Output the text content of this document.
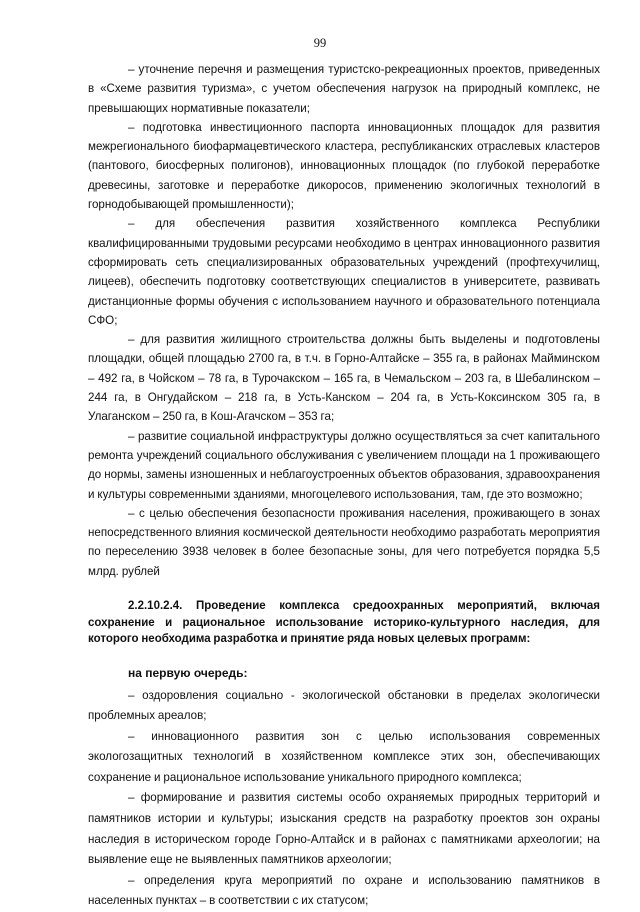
99

– уточнение перечня и размещения туристско-рекреационных проектов, приведенных в «Схеме развития туризма», с учетом обеспечения нагрузок на природный комплекс, не превышающих нормативные показатели;

– подготовка инвестиционного паспорта инновационных площадок для развития межрегионального биофармацевтического кластера, республиканских отраслевых кластеров (пантового, биосферных полигонов), инновационных площадок (по глубокой переработке древесины, заготовке и переработке дикоросов, применению экологичных технологий в горнодобывающей промышленности);

– для обеспечения развития хозяйственного комплекса Республики квалифицированными трудовыми ресурсами необходимо в центрах инновационного развития сформировать сеть специализированных образовательных учреждений (профтехучилищ, лицеев), обеспечить подготовку соответствующих специалистов в университете, развивать дистанционные формы обучения с использованием научного и образовательного потенциала СФО;

– для развития жилищного строительства должны быть выделены и подготовлены площадки, общей площадью 2700 га, в т.ч. в Горно-Алтайске – 355 га, в районах Майминском – 492 га, в Чойском – 78 га, в Турочакском – 165 га, в Чемальском – 203 га, в Шебалинском – 244 га, в Онгудайском – 218 га, в Усть-Канском – 204 га, в Усть-Коксинском 305 га, в Улаганском – 250 га, в Кош-Агачском – 353 га;

– развитие социальной инфраструктуры должно осуществляться за счет капитального ремонта учреждений социального обслуживания с увеличением площади на 1 проживающего до нормы, замены изношенных и неблагоустроенных объектов образования, здравоохранения и культуры современными зданиями, многоцелевого использования, там, где это возможно;

– с целью обеспечения безопасности проживания населения, проживающего в зонах непосредственного влияния космической деятельности необходимо разработать мероприятия по переселению 3938 человек в более безопасные зоны, для чего потребуется порядка 5,5 млрд. рублей

2.2.10.2.4. Проведение комплекса средоохранных мероприятий, включая сохранение и рациональное использование историко-культурного наследия, для которого необходима разработка и принятие ряда новых целевых программ:

на первую очередь:

– оздоровления социально - экологической обстановки в пределах экологически проблемных ареалов;

– инновационного развития зон с целью использования современных экологозащитных технологий в хозяйственном комплексе этих зон, обеспечивающих сохранение и рациональное использование уникального природного комплекса;

– формирование и развития системы особо охраняемых природных территорий и памятников истории и культуры; изыскания средств на разработку проектов зон охраны наследия в историческом городе Горно-Алтайск и в районах с памятниками археологии; на выявление еще не выявленных памятников археологии;

– определения круга мероприятий по охране и использованию памятников в населенных пунктах – в соответствии с их статусом;
